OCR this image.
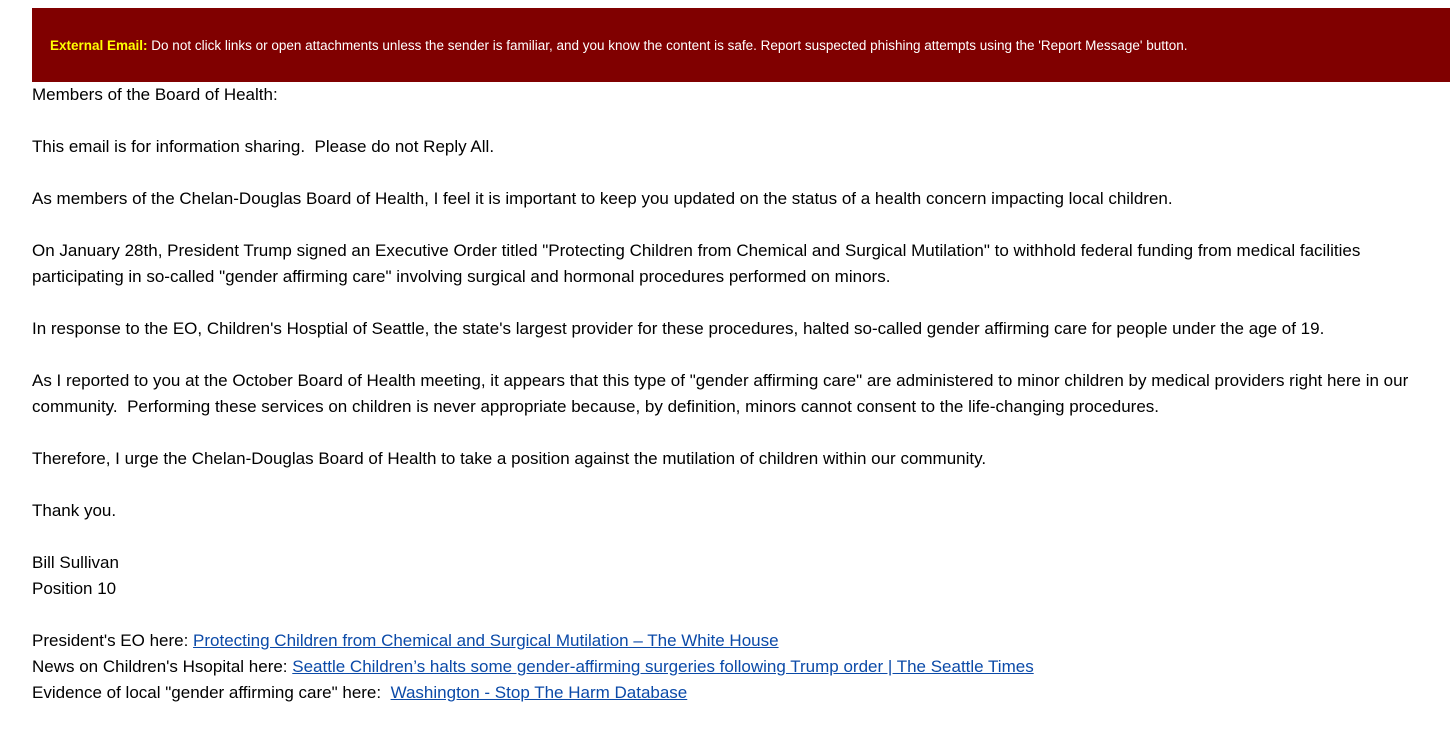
External Email: Do not click links or open attachments unless the sender is familiar, and you know the content is safe. Report suspected phishing attempts using the 'Report Message' button.

Members of the Board of Health:

This email is for information sharing.  Please do not Reply All.

As members of the Chelan-Douglas Board of Health, I feel it is important to keep you updated on the status of a health concern impacting local children.

On January 28th, President Trump signed an Executive Order titled "Protecting Children from Chemical and Surgical Mutilation" to withhold federal funding from medical facilities participating in so-called "gender affirming care" involving surgical and hormonal procedures performed on minors.

In response to the EO, Children's Hosptial of Seattle, the state's largest provider for these procedures, halted so-called gender affirming care for people under the age of 19.

As I reported to you at the October Board of Health meeting, it appears that this type of "gender affirming care" are administered to minor children by medical providers right here in our community.  Performing these services on children is never appropriate because, by definition, minors cannot consent to the life-changing procedures.

Therefore, I urge the Chelan-Douglas Board of Health to take a position against the mutilation of children within our community.

Thank you.

Bill Sullivan

Position 10

President's EO here: Protecting Children from Chemical and Surgical Mutilation – The White House

News on Children's Hsopital here: Seattle Children’s halts some gender-affirming surgeries following Trump order | The Seattle Times

Evidence of local "gender affirming care" here:  Washington - Stop The Harm Database
